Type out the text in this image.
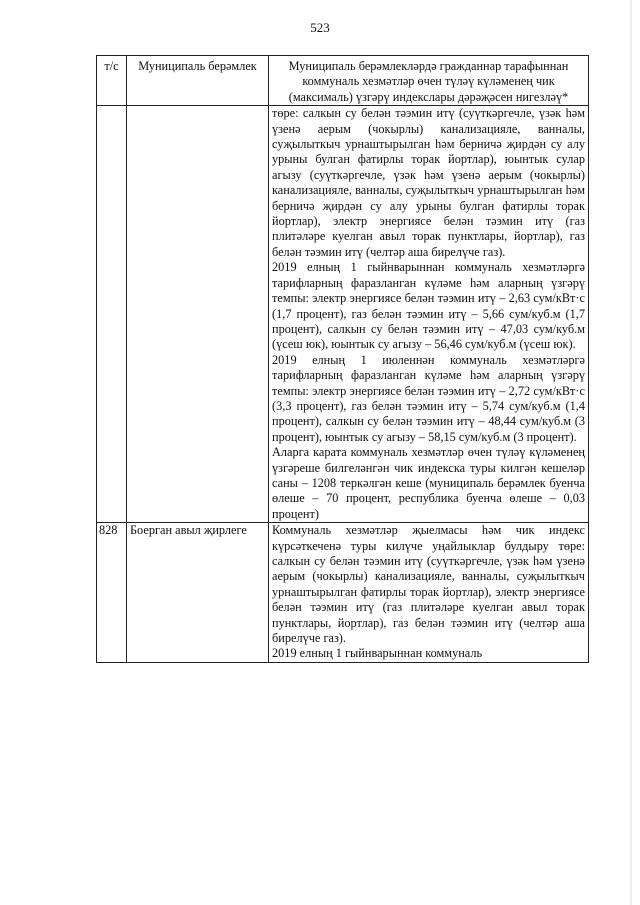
523
т/с	Муниципаль берәмлек	Муниципаль берәмлекләрдә гражданнар тарафыннан коммуналь хезмәтләр өчен түләү күләменең чик (максималь) үзгәрү индекслары дәрәҗәсен нигезләү*

		төре: салкын су белән тәэмин итү (суүткәргечле, үзәк һәм үзенә аерым (чокырлы) канализацияле, ванналы, суҗылыткыч урнаштырылган һәм берничә җирдән су алу урыны булган фатирлы торак йортлар), юынтык сулар агызу (суүткәргечле, үзәк һәм үзенә аерым (чокырлы) канализацияле, ванналы, суҗылыткыч урнаштырылган һәм берничә җирдән су алу урыны булган фатирлы торак йортлар), электр энергиясе белән тәэмин итү (газ плитәләре куелган авыл торак пунктлары, йортлар), газ белән тәэмин итү (челтәр аша бирелүче газ).

2019 елның 1 гыйнварыннан коммуналь хезмәтләргә тарифларның фаразланган күләме һәм аларның үзгәрү темпы: электр энергиясе белән тәэмин итү – 2,63 сум/кВт·с (1,7 процент), газ белән тәэмин итү – 5,66 сум/куб.м (1,7 процент), салкын су белән тәэмин итү – 47,03 сум/куб.м (үсеш юк), юынтык су агызу – 56,46 сум/куб.м (үсеш юк).

2019 елның 1 июленнән коммуналь хезмәтләргә тарифларның фаразланган күләме һәм аларның үзгәрү темпы: электр энергиясе белән тәэмин итү – 2,72 сум/кВт·с (3,3 процент), газ белән тәэмин итү – 5,74 сум/куб.м (1,4 процент), салкын су белән тәэмин итү – 48,44 сум/куб.м (3 процент), юынтык су агызу – 58,15 сум/куб.м (3 процент).

Аларга карата коммуналь хезмәтләр өчен түләү күләменең үзгәреше билгеләнгән чик индекска туры килгән кешеләр саны – 1208 теркәлгән кеше (муниципаль берәмлек буенча өлеше – 70 процент, республика буенча өлеше – 0,03 процент)

828	Боерган авыл җирлеге	Коммуналь хезмәтләр җыелмасы һәм чик индекс күрсәткеченә туры килүче уңайлыклар булдыру төре: салкын су белән тәэмин итү (суүткәргечле, үзәк һәм үзенә аерым (чокырлы) канализацияле, ванналы, суҗылыткыч урнаштырылган фатирлы торак йортлар), электр энергиясе белән тәэмин итү (газ плитәләре куелган авыл торак пунктлары, йортлар), газ белән тәэмин итү (челтәр аша бирелүче газ).

2019 елның 1 гыйнварыннан коммуналь
